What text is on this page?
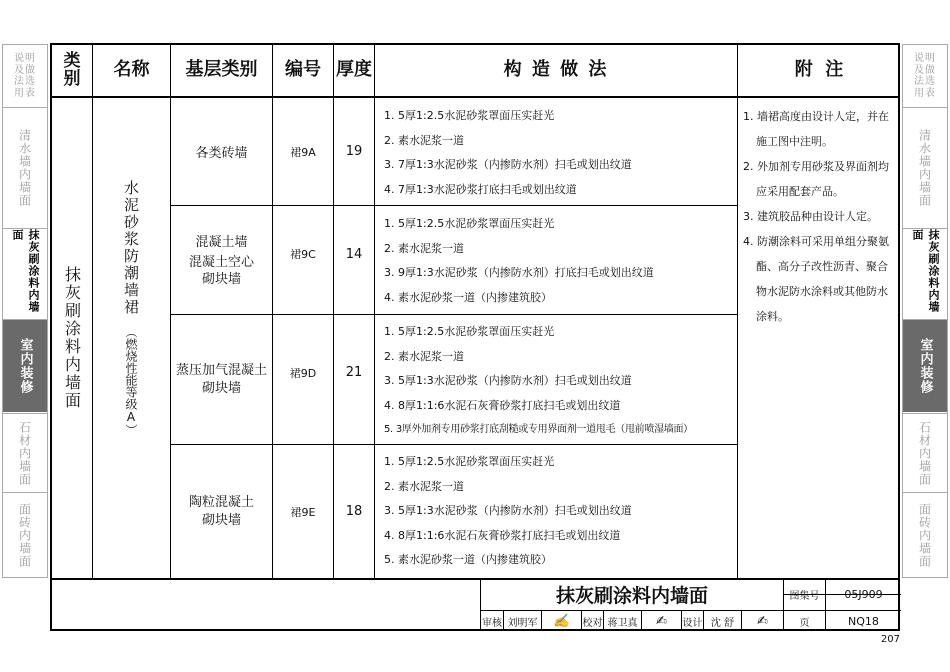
说明
及做
法选
用表
清水墙内墙面
抹灰刷涂料内墙面
室内装修
石材内墙面
面砖内墙面
说明
及做
法选
用表
清水墙内墙面
抹灰刷涂料内墙面
室内装修
石材内墙面
面砖内墙面
类别	名称	基层类别	编号 厚度	构 造 做 法	附  注
抹灰刷涂料内墙面
水泥砂浆防潮墙裙
（燃烧性能等级A）
各类砖墙	裙9A	19
1. 5厚1:2.5水泥砂浆罩面压实赶光
2. 素水泥浆一道
3. 7厚1:3水泥砂浆（内掺防水剂）扫毛或划出纹道
4. 7厚1:3水泥砂浆打底扫毛或划出纹道
混凝土墙
混凝土空心
砌块墙
裙9C	14
1. 5厚1:2.5水泥砂浆罩面压实赶光
2. 素水泥浆一道
3. 9厚1:3水泥砂浆（内掺防水剂）打底扫毛或划出纹道
4. 素水泥砂浆一道（内掺建筑胶）
蒸压加气混凝土
砌块墙
裙9D	21
1. 5厚1:2.5水泥砂浆罩面压实赶光
2. 素水泥浆一道
3. 5厚1:3水泥砂浆（内掺防水剂）扫毛或划出纹道
4. 8厚1:1:6水泥石灰膏砂浆打底扫毛或划出纹道
5. 3厚外加剂专用砂浆打底刮糙或专用界面剂一道甩毛（甩前喷湿墙面）
陶粒混凝土
砌块墙
裙9E	18
1. 5厚1:2.5水泥砂浆罩面压实赶光
2. 素水泥浆一道
3. 5厚1:3水泥砂浆（内掺防水剂）扫毛或划出纹道
4. 8厚1:1:6水泥石灰膏砂浆打底扫毛或划出纹道
5. 素水泥砂浆一道（内掺建筑胶）
1. 墙裙高度由设计人定，并在施工图中注明。
2. 外加剂专用砂浆及界面剂均应采用配套产品。
3. 建筑胶品种由设计人定。
4. 防潮涂料可采用单组分聚氨酯、高分子改性沥青、聚合物水泥防水涂料或其他防水涂料。
抹灰刷涂料内墙面	图集号	05J909
页	NQ18
审核 刘明军	✍	校对 蒋卫真	✍	设计 沈 舒	✍
207
